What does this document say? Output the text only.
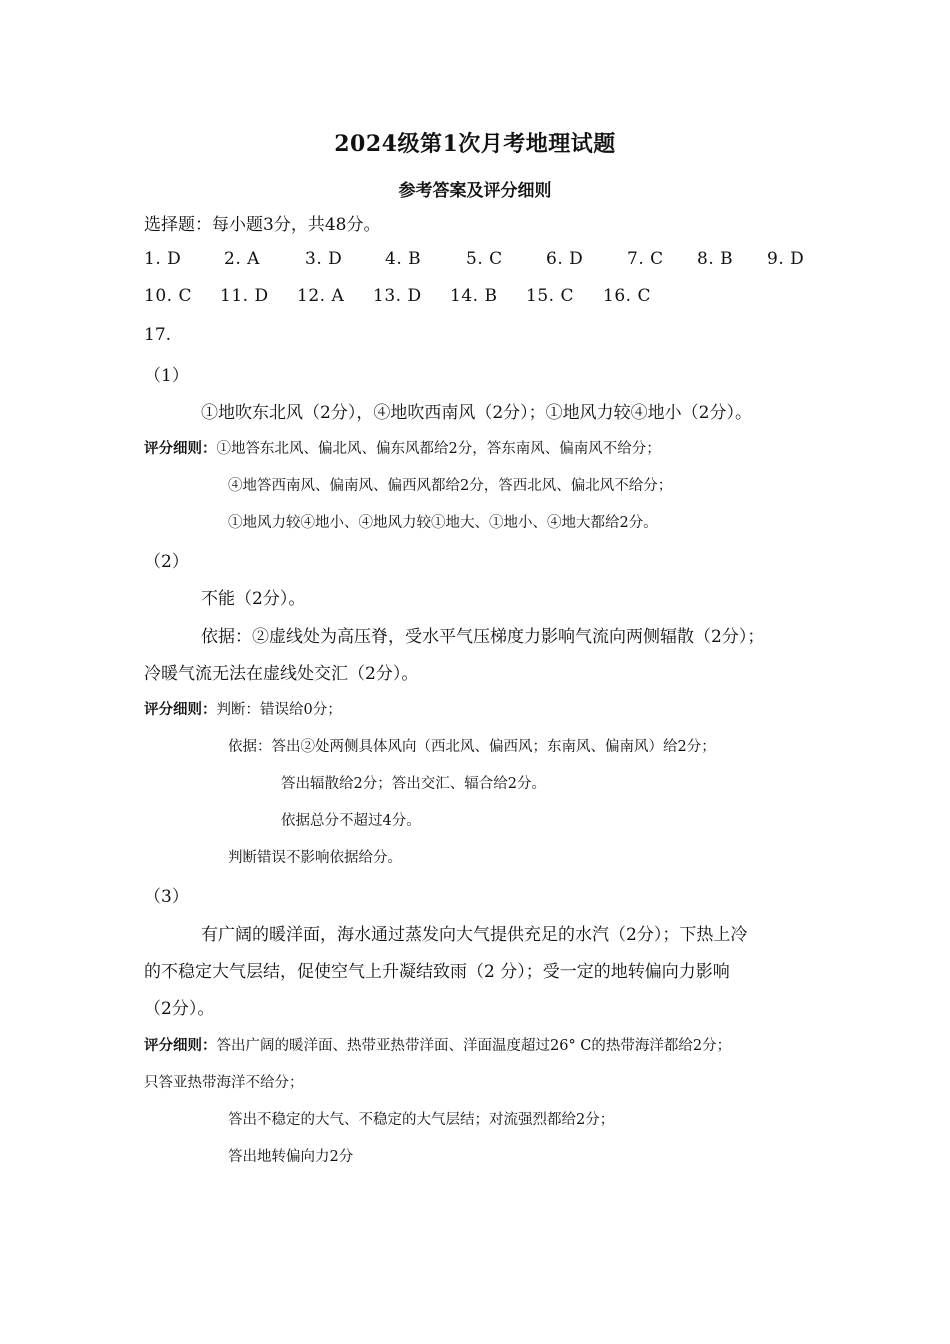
2024级第1次月考地理试题
参考答案及评分细则
选择题：每小题3分，共48分。
1. D	2. A	3. D	4. B	5. C	6. D	7. C 8. B 9. D
10. C 11. D 12. A 13. D 14. B 15. C 16. C
17.
（1）
①地吹东北风（2分），④地吹西南风（2分）；①地风力较④地小（2分）。
评分细则：①地答东北风、偏北风、偏东风都给2分，答东南风、偏南风不给分；
④地答西南风、偏南风、偏西风都给2分，答西北风、偏北风不给分；
①地风力较④地小、④地风力较①地大、①地小、④地大都给2分。
（2）
不能（2分）。
依据：②虚线处为高压脊，受水平气压梯度力影响气流向两侧辐散（2分）；
冷暖气流无法在虚线处交汇（2分）。
评分细则：判断：错误给0分；
依据：答出②处两侧具体风向（西北风、偏西风；东南风、偏南风）给2分；
答出辐散给2分；答出交汇、辐合给2分。
依据总分不超过4分。
判断错误不影响依据给分。
（3）
有广阔的暖洋面，海水通过蒸发向大气提供充足的水汽（2分）；下热上冷
的不稳定大气层结，促使空气上升凝结致雨（2 分）；受一定的地转偏向力影响
（2分）。
评分细则：答出广阔的暖洋面、热带亚热带洋面、洋面温度超过26° C的热带海洋都给2分；
只答亚热带海洋不给分；
答出不稳定的大气、不稳定的大气层结；对流强烈都给2分；
答出地转偏向力2分
